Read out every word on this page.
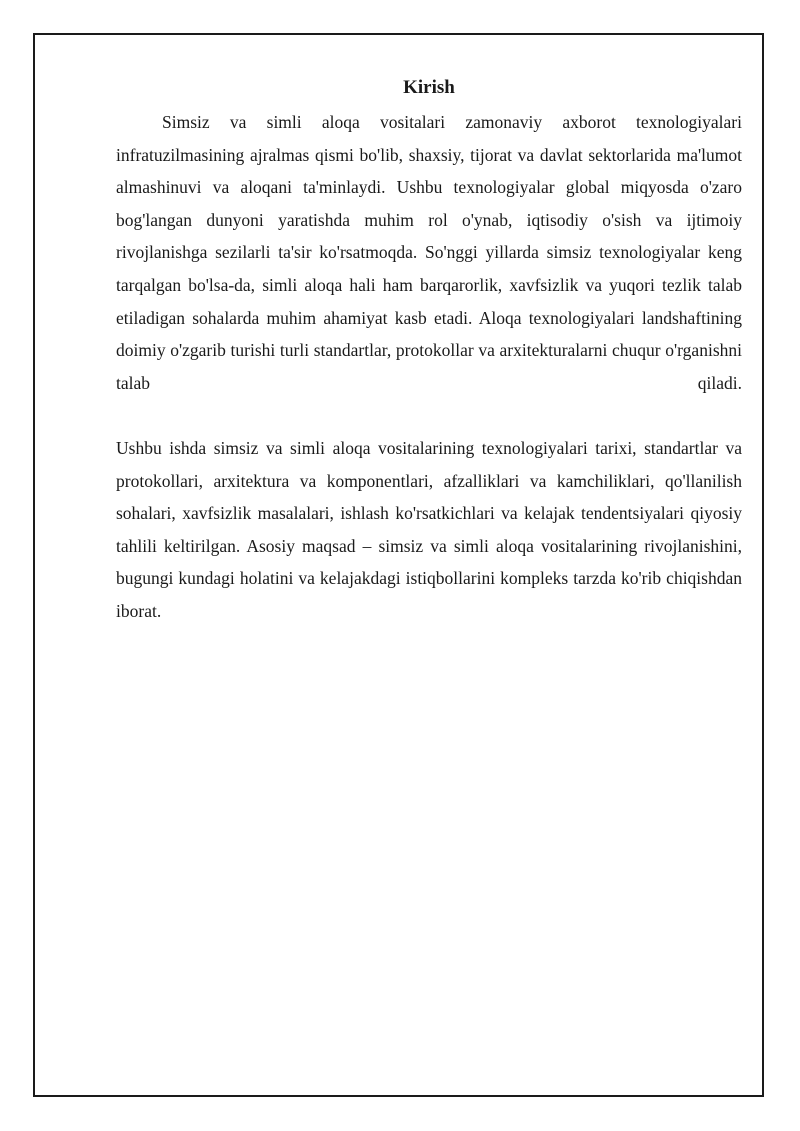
Kirish

Simsiz va simli aloqa vositalari zamonaviy axborot texnologiyalari infratuzilmasining ajralmas qismi bo'lib, shaxsiy, tijorat va davlat sektorlarida ma'lumot almashinuvi va aloqani ta'minlaydi. Ushbu texnologiyalar global miqyosda o'zaro bog'langan dunyoni yaratishda muhim rol o'ynab, iqtisodiy o'sish va ijtimoiy rivojlanishga sezilarli ta'sir ko'rsatmoqda. So'nggi yillarda simsiz texnologiyalar keng tarqalgan bo'lsa-da, simli aloqa hali ham barqarorlik, xavfsizlik va yuqori tezlik talab etiladigan sohalarda muhim ahamiyat kasb etadi. Aloqa texnologiyalari landshaftining doimiy o'zgarib turishi turli standartlar, protokollar va arxitekturalarni chuqur o'rganishni talab qiladi.

Ushbu ishda simsiz va simli aloqa vositalarining texnologiyalari tarixi, standartlar va protokollari, arxitektura va komponentlari, afzalliklari va kamchiliklari, qo'llanilish sohalari, xavfsizlik masalalari, ishlash ko'rsatkichlari va kelajak tendentsiyalari qiyosiy tahlili keltirilgan. Asosiy maqsad – simsiz va simli aloqa vositalarining rivojlanishini, bugungi kundagi holatini va kelajakdagi istiqbollarini kompleks tarzda ko'rib chiqishdan iborat.
